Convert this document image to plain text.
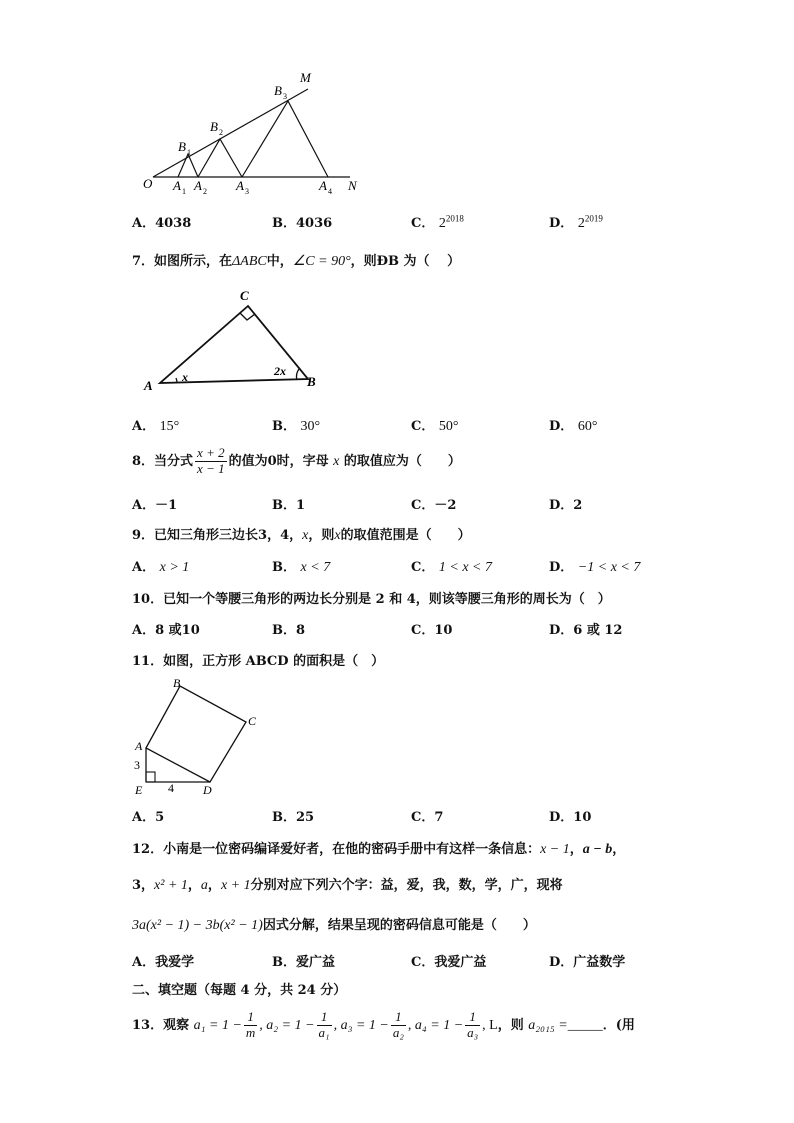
O A 1 A 2 A 3	A 4 N
B 1
B 2
B 3
M
A．4038	B．4036	C． $2^{2018}$	D． $2^{2019}$
7．如图所示，在ΔABC中，∠C = 90°，则ÐB 为（　 ）
C
A	B
x	2x
A． 15°	B． 30°	C． 50°	D． 60°
8．当分式 $\frac{x + 2}{x - 1}$ 的值为0时，字母 x 的取值应为（　　）
A．－1	B．1	C．－2	D．2
9．已知三角形三边长3，4，x，则x的取值范围是（　　）
A． x > 1	B． x < 7	C． 1 < x < 7	D． −1 < x < 7
10．已知一个等腰三角形的两边长分别是 2 和 4，则该等腰三角形的周长为（　）
A．8 或10	B．8	C．10	D．6 或 12
11．如图，正方形 ABCD 的面积是（　）
A
B
C
D
E
3
4
A．5	B．25	C．7	D．10
12．小南是一位密码编译爱好者，在他的密码手册中有这样一条信息：x − 1，a − b，
3，x² + 1，a，x + 1分别对应下列六个字：益，爱，我，数，学，广，现将
3a(x² − 1) − 3b(x² − 1)因式分解，结果呈现的密码信息可能是（　　）
A．我爱学	B．爱广益	C．我爱广益	D．广益数学
二、填空题（每题 4 分，共 24 分）
13．观察 $a_1 = 1 - \frac{1}{m}$ , $a_2 = 1 - \frac{1}{\text{a₁}}$ , $a_3 = 1 - \frac{1}{\text{a₂}}$ , $a_4 = 1 - \frac{1}{\text{a₃}}$ , L，则 a₂₀₁₅ =_____．(用
